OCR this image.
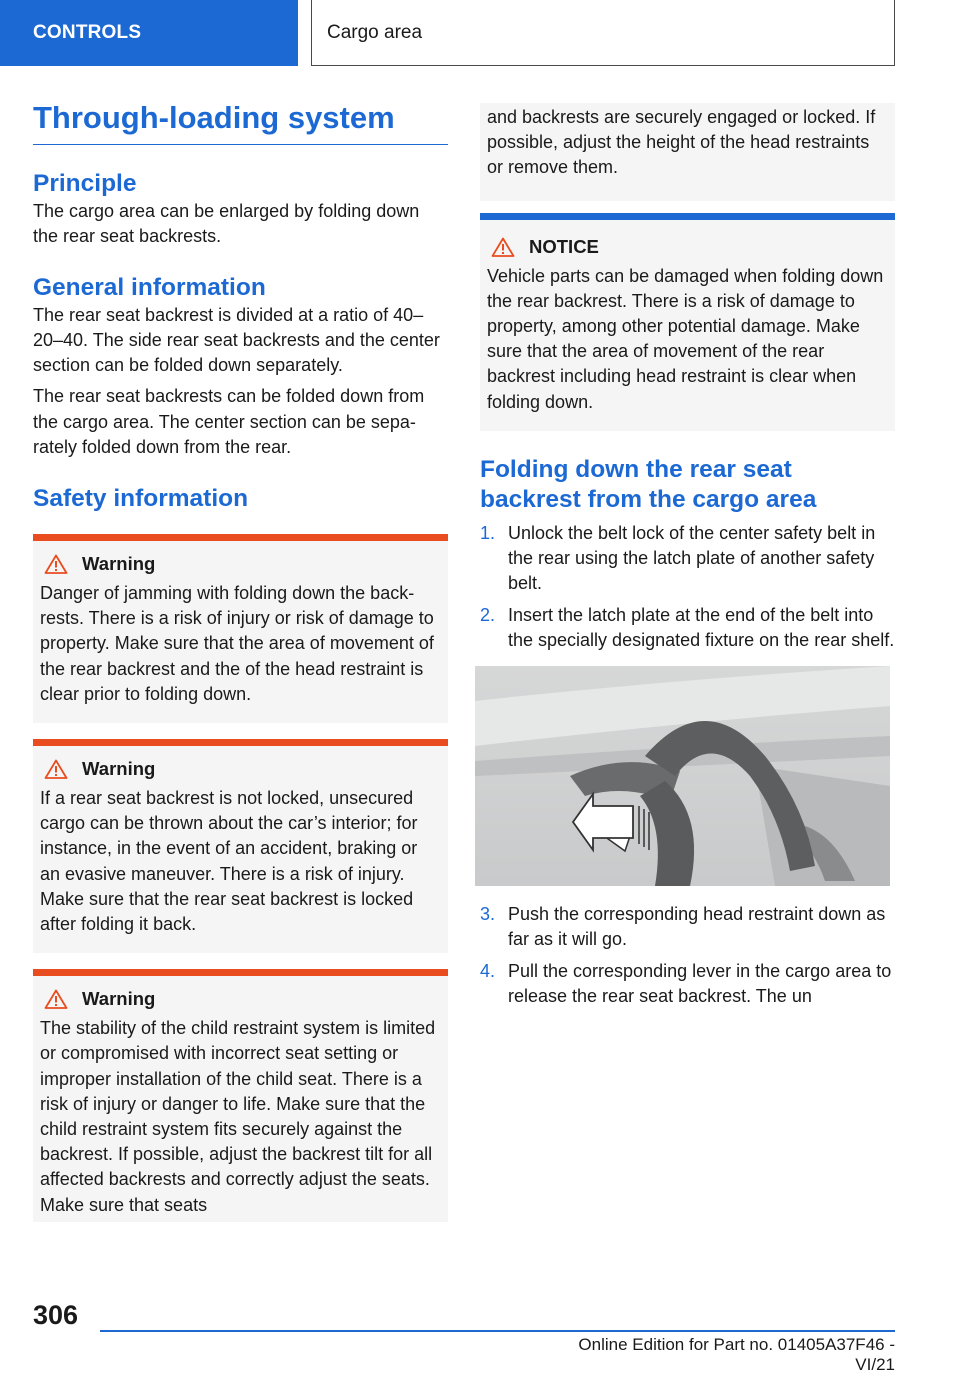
CONTROLS	Cargo area
Through-loading system
Principle

The cargo area can be enlarged by folding down the rear seat backrests.

General information

The rear seat backrest is divided at a ratio of 40–20–40. The side rear seat backrests and the center section can be folded down separately.

The rear seat backrests can be folded down from the cargo area. The center section can be separately folded down from the rear.

Safety information
Warning

Danger of jamming with folding down the backrests. There is a risk of injury or risk of damage to property. Make sure that the area of movement of the rear backrest and the of the head restraint is clear prior to folding down.

Warning

If a rear seat backrest is not locked, unsecured cargo can be thrown about the car’s interior; for instance, in the event of an accident, braking or an evasive maneuver. There is a risk of injury. Make sure that the rear seat backrest is locked after folding it back.

Warning

The stability of the child restraint system is limited or compromised with incorrect seat setting or improper installation of the child seat. There is a risk of injury or danger to life. Make sure that the child restraint system fits securely against the backrest. If possible, adjust the backrest tilt for all affected backrests and correctly adjust the seats. Make sure that seats

and backrests are securely engaged or locked. If possible, adjust the height of the head restraints or remove them.

NOTICE

Vehicle parts can be damaged when folding down the rear backrest. There is a risk of damage to property, among other potential damage. Make sure that the area of movement of the rear backrest including head restraint is clear when folding down.

Folding down the rear seat backrest from the cargo area
1. Unlock the belt lock of the center safety belt in the rear using the latch plate of another safety belt.
2. Insert the latch plate at the end of the belt into the specially designated fixture on the rear shelf.
3. Push the corresponding head restraint down as far as it will go.
4. Pull the corresponding lever in the cargo area to release the rear seat backrest. The un
306
Online Edition for Part no. 01405A37F46 - VI/21
